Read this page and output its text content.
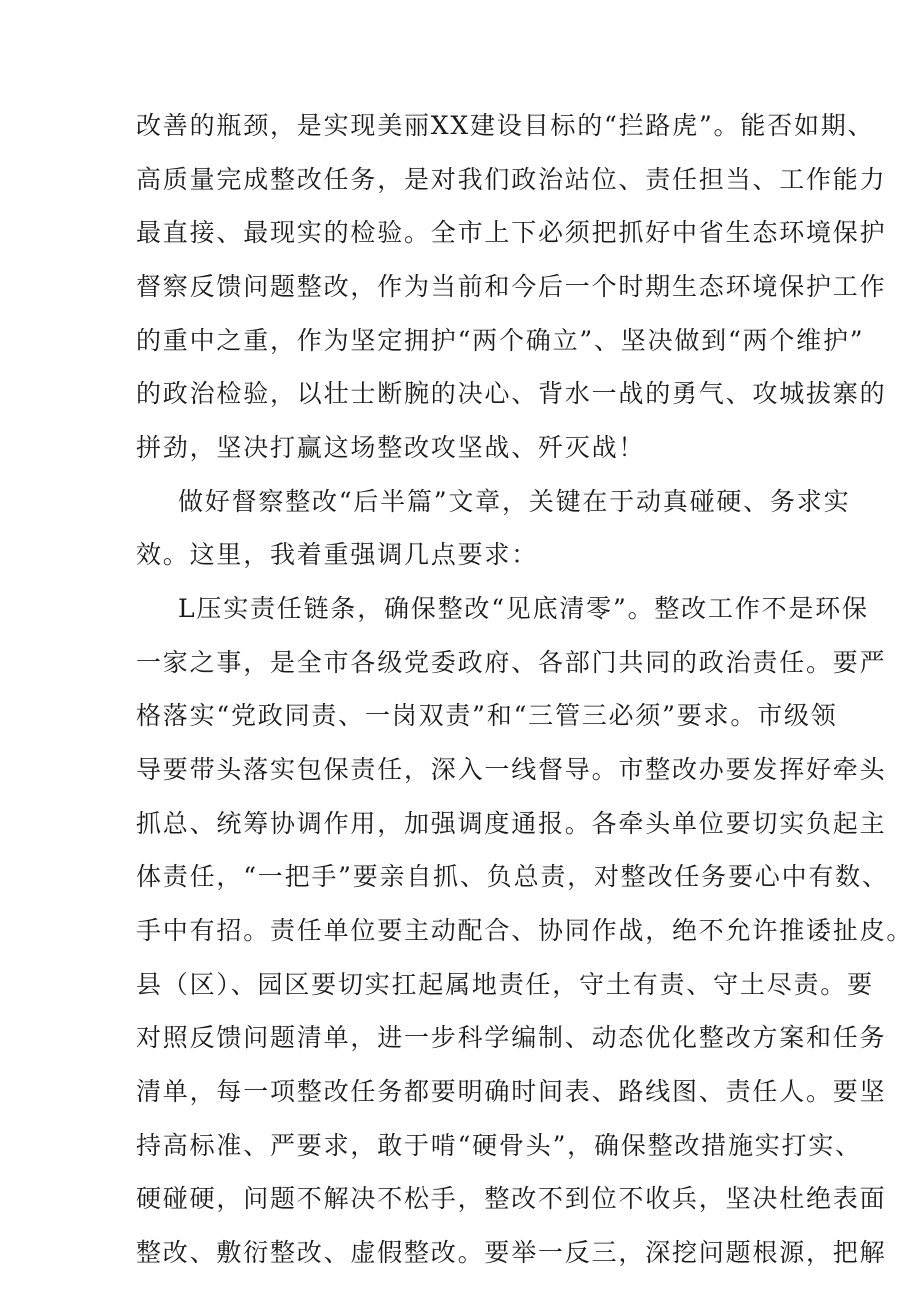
改善的瓶颈，是实现美丽XX建设目标的“拦路虎”。能否如期、
高质量完成整改任务，是对我们政治站位、责任担当、工作能力
最直接、最现实的检验。全市上下必须把抓好中省生态环境保护
督察反馈问题整改，作为当前和今后一个时期生态环境保护工作
的重中之重，作为坚定拥护“两个确立”、坚决做到“两个维护”
的政治检验，以壮士断腕的决心、背水一战的勇气、攻城拔寨的
拼劲，坚决打赢这场整改攻坚战、歼灭战！
做好督察整改“后半篇”文章，关键在于动真碰硬、务求实
效。这里，我着重强调几点要求：
L压实责任链条，确保整改“见底清零”。整改工作不是环保
一家之事，是全市各级党委政府、各部门共同的政治责任。要严
格落实“党政同责、一岗双责”和“三管三必须”要求。市级领
导要带头落实包保责任，深入一线督导。市整改办要发挥好牵头
抓总、统筹协调作用，加强调度通报。各牵头单位要切实负起主
体责任，“一把手”要亲自抓、负总责，对整改任务要心中有数、
手中有招。责任单位要主动配合、协同作战，绝不允许推诿扯皮。
县（区）、园区要切实扛起属地责任，守土有责、守土尽责。要
对照反馈问题清单，进一步科学编制、动态优化整改方案和任务
清单，每一项整改任务都要明确时间表、路线图、责任人。要坚
持高标准、严要求，敢于啃“硬骨头”，确保整改措施实打实、
硬碰硬，问题不解决不松手，整改不到位不收兵，坚决杜绝表面
整改、敷衍整改、虚假整改。要举一反三，深挖问题根源，把解
